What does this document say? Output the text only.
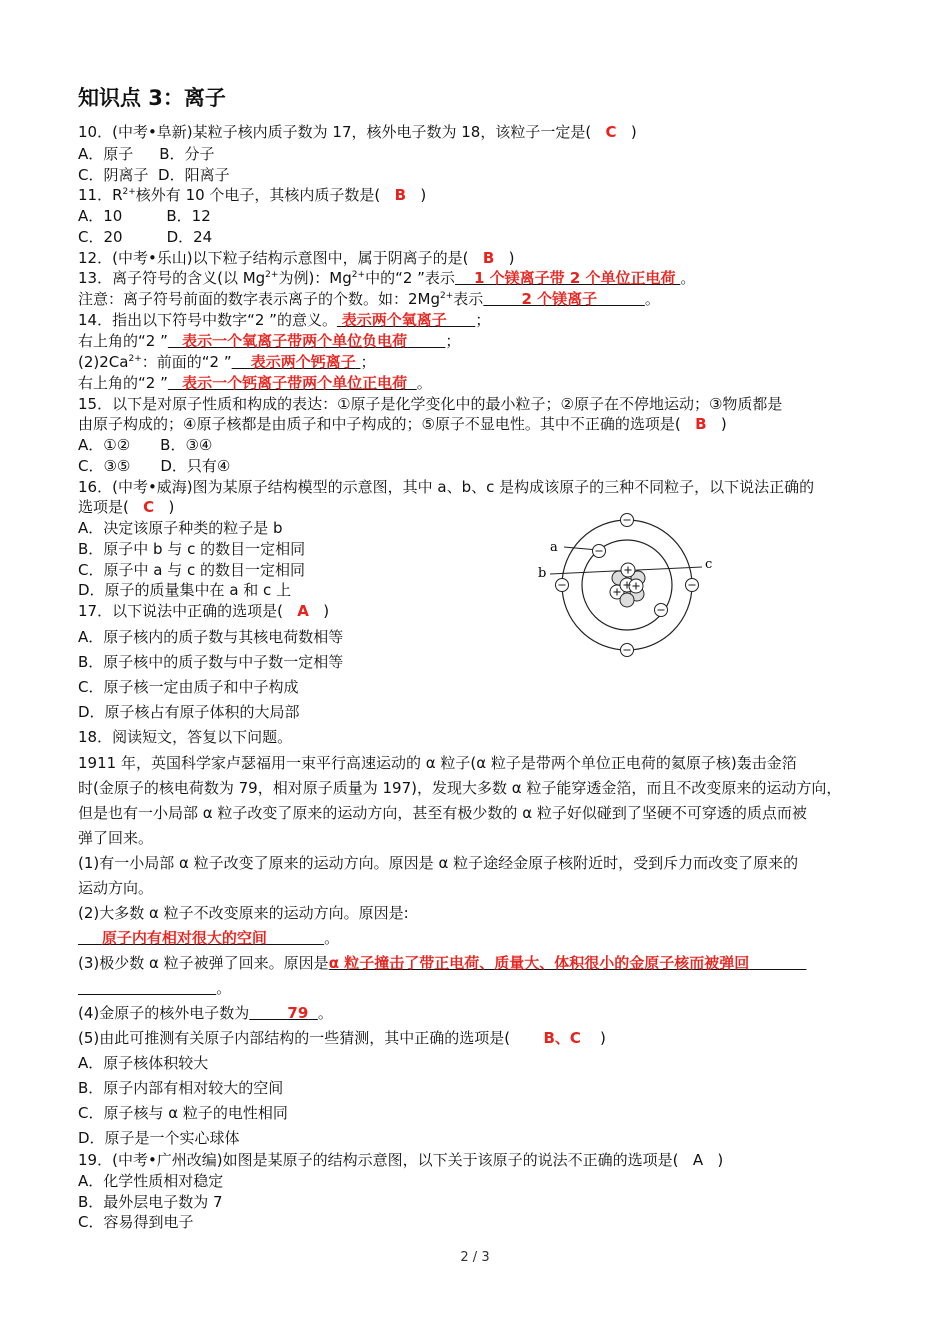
知识点 3：离子
10．(中考•阜新)某粒子核内质子数为 17，核外电子数为 18，该粒子一定是( C )
A．原子 B．分子
C．阴离子 D．阳离子
11．$R^{2+}$核外有 10 个电子，其核内质子数是( B )
A．10	B．12
C．20	D．24
12．(中考•乐山)以下粒子结构示意图中，属于阴离子的是( B )
13．离子符号的含义(以 $Mg^{2+}$为例)：$Mg^{2+}$中的“2 ”表示 1 个镁离子带 2 个单位正电荷 。
注意：离子符号前面的数字表示离子的个数。如：$2Mg^{2+}$表示	2 个镁离子	。
14．指出以下符号中数字“2 ”的意义。 表示两个氧离子 ；
右上角的“2 ” 表示一个氧离子带两个单位负电荷	；
$(2)2Ca^{2+}$：前面的“2 ” 表示两个钙离子 ；
右上角的“2 ” 表示一个钙离子带两个单位正电荷 。
15．以下是对原子性质和构成的表达：①原子是化学变化中的最小粒子；②原子在不停地运动；③物质都是
由原子构成的；④原子核都是由质子和中子构成的；⑤原子不显电性。其中不正确的选项是( B )
A．①② B．③④
C．③⑤ D．只有④
16．(中考•威海)图为某原子结构模型的示意图，其中 a、b、c 是构成该原子的三种不同粒子，以下说法正确的
选项是( C )
A．决定该原子种类的粒子是 b
B．原子中 b 与 c 的数目一定相同
C．原子中 a 与 c 的数目一定相同
D．原子的质量集中在 a 和 c 上
a
b
c
17．以下说法中正确的选项是( A )
A．原子核内的质子数与其核电荷数相等
B．原子核中的质子数与中子数一定相等
C．原子核一定由质子和中子构成
D．原子核占有原子体积的大局部
18．阅读短文，答复以下问题。
1911 年，英国科学家卢瑟福用一束平行高速运动的 α 粒子(α 粒子是带两个单位正电荷的氦原子核)轰击金箔
时(金原子的核电荷数为 79，相对原子质量为 197)，发现大多数 α 粒子能穿透金箔，而且不改变原来的运动方向，
但是也有一小局部 α 粒子改变了原来的运动方向，甚至有极少数的 α 粒子好似碰到了坚硬不可穿透的质点而被
弹了回来。
(1)有一小局部 α 粒子改变了原来的运动方向。原因是 α 粒子途经金原子核附近时，受到斥力而改变了原来的
运动方向。
(2)大多数 α 粒子不改变原来的运动方向。原因是:
原子内有相对很大的空间	。
(3)极少数 α 粒子被弹了回来。原因是α 粒子撞击了带正电荷、质量大、体积很小的金原子核而被弹回
。
(4)金原子的核外电子数为	79 。
(5)由此可推测有关原子内部结构的一些猜测，其中正确的选项是( B、C )
A．原子核体积较大
B．原子内部有相对较大的空间
C．原子核与 α 粒子的电性相同
D．原子是一个实心球体
19．(中考•广州改编)如图是某原子的结构示意图，以下关于该原子的说法不正确的选项是( A )
A．化学性质相对稳定
B．最外层电子数为 7
C．容易得到电子
2 / 3
